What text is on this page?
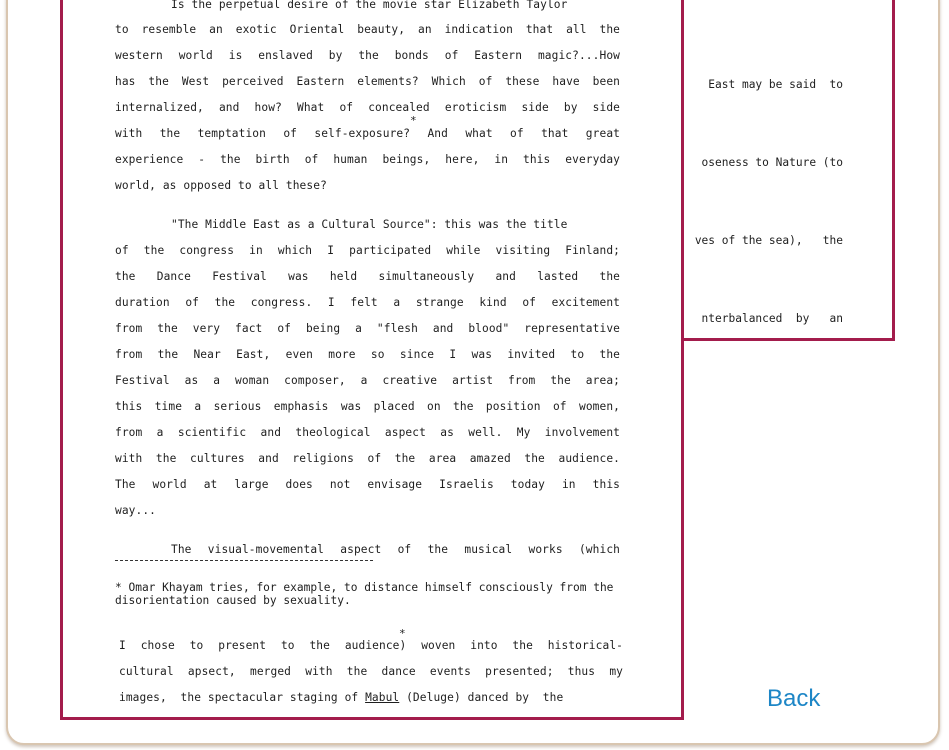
East may be said  to

oseness to Nature (to

ves of the sea),   the

nterbalanced  by   an

Is the perpetual desire of the movie star Elizabeth Taylor
to resemble an exotic Oriental beauty, an indication that all the
western world is enslaved by the bonds of Eastern magic?...How
has the West perceived Eastern elements? Which of these have been
internalized, and how? What of concealed eroticism side by side
*
with the temptation of self-exposure? And what of that great
experience - the birth of human beings, here, in this everyday
world, as opposed to all these?
"The Middle East as a Cultural Source": this was the title
of the congress in which I participated while visiting Finland;
the Dance Festival was held simultaneously and lasted the
duration of the congress. I felt a strange kind of excitement
from the very fact of being a "flesh and blood" representative
from the Near East, even more so since I was invited to the
Festival as a woman composer, a creative artist from the area;
this time a serious emphasis was placed on the position of women,
from a scientific and theological aspect as well. My involvement
with the cultures and religions of the area amazed the audience.
The world at large does not envisage Israelis today in this
way...
The visual-movemental aspect of the musical works (which
* Omar Khayam tries, for example, to distance himself consciously from the disorientation caused by sexuality.
*
I chose to present to the audience) woven into the historical-
cultural apsect, merged with the dance events presented; thus my
images,  the spectacular staging of Mabul (Deluge) danced by  the	Back
